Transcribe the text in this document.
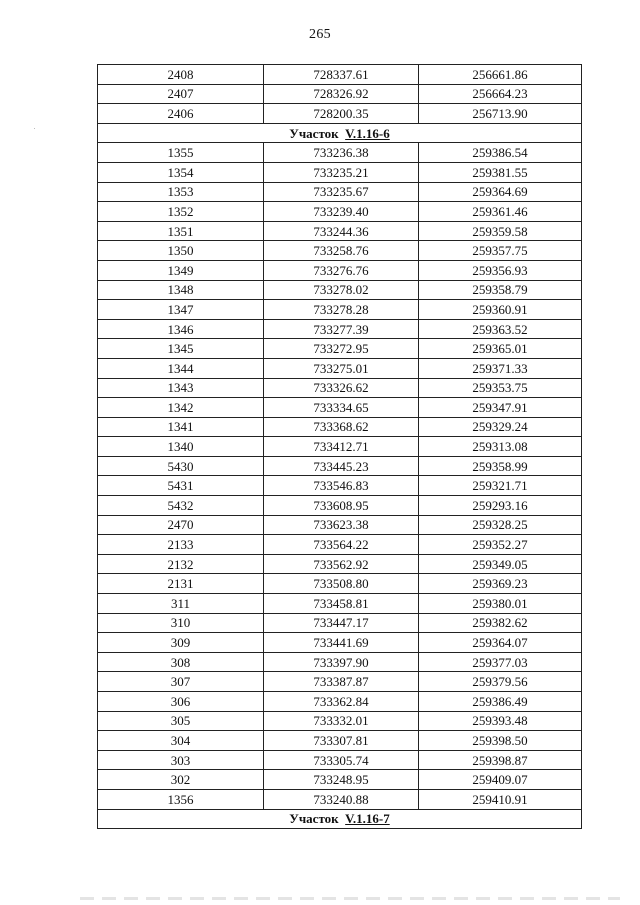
265
2408	728337.61	256661.86
2407	728326.92	256664.23
2406	728200.35	256713.90
Участок V.1.16-6		
1355	733236.38	259386.54
1354	733235.21	259381.55
1353	733235.67	259364.69
1352	733239.40	259361.46
1351	733244.36	259359.58
1350	733258.76	259357.75
1349	733276.76	259356.93
1348	733278.02	259358.79
1347	733278.28	259360.91
1346	733277.39	259363.52
1345	733272.95	259365.01
1344	733275.01	259371.33
1343	733326.62	259353.75
1342	733334.65	259347.91
1341	733368.62	259329.24
1340	733412.71	259313.08
5430	733445.23	259358.99
5431	733546.83	259321.71
5432	733608.95	259293.16
2470	733623.38	259328.25
2133	733564.22	259352.27
2132	733562.92	259349.05
2131	733508.80	259369.23
311	733458.81	259380.01
310	733447.17	259382.62
309	733441.69	259364.07
308	733397.90	259377.03
307	733387.87	259379.56
306	733362.84	259386.49
305	733332.01	259393.48
304	733307.81	259398.50
303	733305.74	259398.87
302	733248.95	259409.07
1356	733240.88	259410.91
Участок V.1.16-7		
